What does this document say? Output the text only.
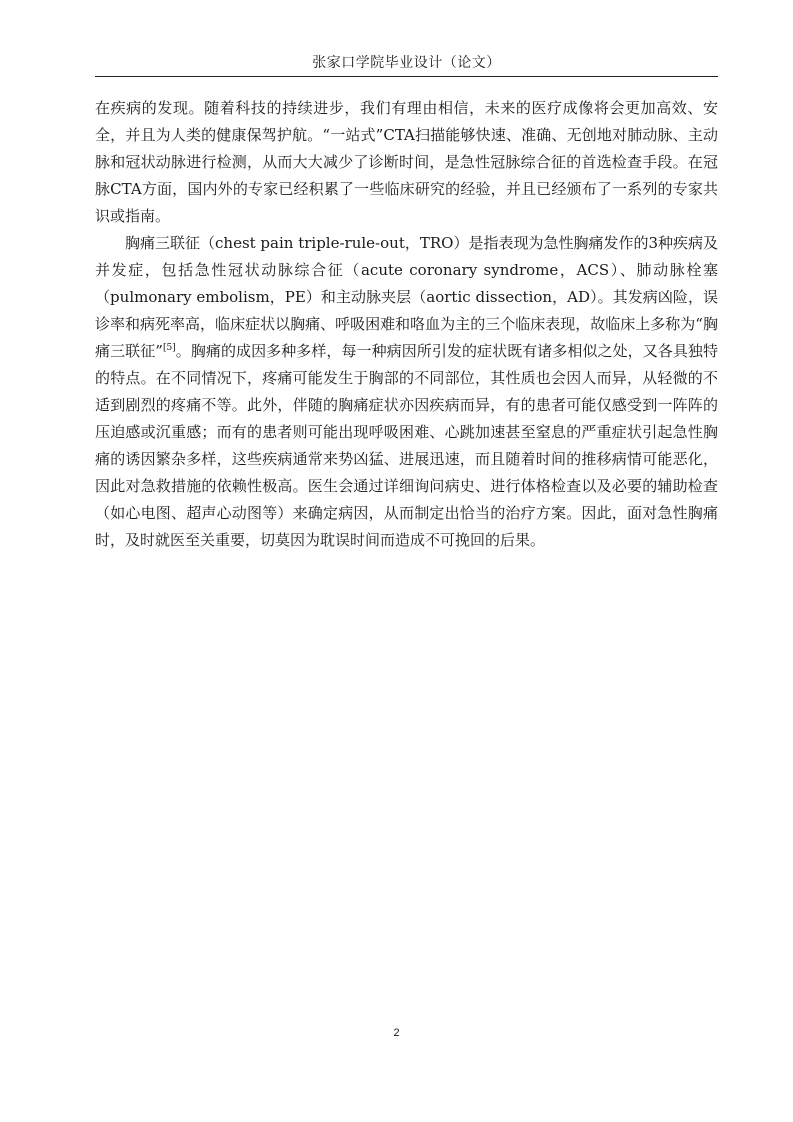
张家口学院毕业设计（论文）

在疾病的发现。随着科技的持续进步，我们有理由相信，未来的医疗成像将会更加高效、安全，并且为人类的健康保驾护航。“一站式”CTA扫描能够快速、准确、无创地对肺动脉、主动脉和冠状动脉进行检测，从而大大减少了诊断时间，是急性冠脉综合征的首选检查手段。在冠脉CTA方面，国内外的专家已经积累了一些临床研究的经验，并且已经颁布了一系列的专家共识或指南。

胸痛三联征（chest pain triple-rule-out，TRO）是指表现为急性胸痛发作的3种疾病及并发症，包括急性冠状动脉综合征（acute coronary syndrome，ACS）、肺动脉栓塞（pulmonary embolism，PE）和主动脉夹层（aortic dissection，AD）。其发病凶险，误诊率和病死率高，临床症状以胸痛、呼吸困难和咯血为主的三个临床表现，故临床上多称为“胸痛三联征”[5]。胸痛的成因多种多样，每一种病因所引发的症状既有诸多相似之处，又各具独特的特点。在不同情况下，疼痛可能发生于胸部的不同部位，其性质也会因人而异，从轻微的不适到剧烈的疼痛不等。此外，伴随的胸痛症状亦因疾病而异，有的患者可能仅感受到一阵阵的压迫感或沉重感；而有的患者则可能出现呼吸困难、心跳加速甚至窒息的严重症状引起急性胸痛的诱因繁杂多样，这些疾病通常来势凶猛、进展迅速，而且随着时间的推移病情可能恶化，因此对急救措施的依赖性极高。医生会通过详细询问病史、进行体格检查以及必要的辅助检查（如心电图、超声心动图等）来确定病因，从而制定出恰当的治疗方案。因此，面对急性胸痛时，及时就医至关重要，切莫因为耽误时间而造成不可挽回的后果。

2
